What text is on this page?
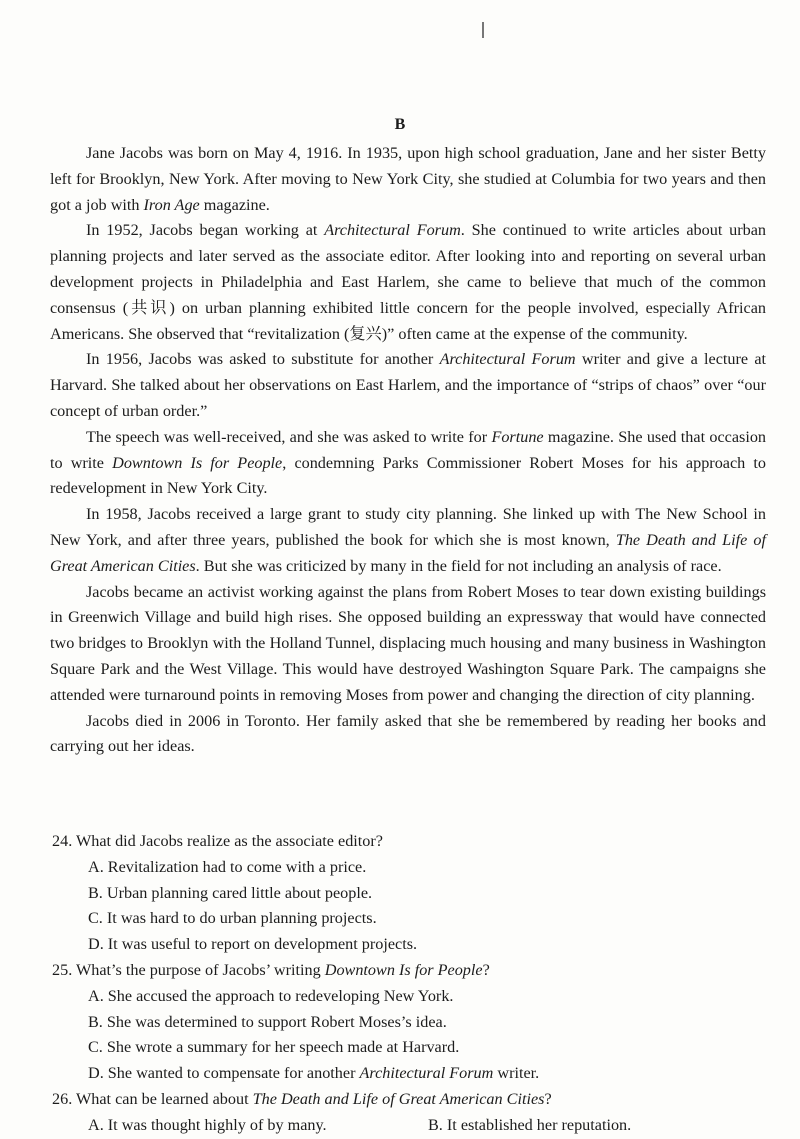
B

Jane Jacobs was born on May 4, 1916. In 1935, upon high school graduation, Jane and her sister Betty left for Brooklyn, New York. After moving to New York City, she studied at Columbia for two years and then got a job with Iron Age magazine.

In 1952, Jacobs began working at Architectural Forum. She continued to write articles about urban planning projects and later served as the associate editor. After looking into and reporting on several urban development projects in Philadelphia and East Harlem, she came to believe that much of the common consensus (共识) on urban planning exhibited little concern for the people involved, especially African Americans. She observed that “revitalization (复兴)” often came at the expense of the community.

In 1956, Jacobs was asked to substitute for another Architectural Forum writer and give a lecture at Harvard. She talked about her observations on East Harlem, and the importance of “strips of chaos” over “our concept of urban order.”

The speech was well-received, and she was asked to write for Fortune magazine. She used that occasion to write Downtown Is for People, condemning Parks Commissioner Robert Moses for his approach to redevelopment in New York City.

In 1958, Jacobs received a large grant to study city planning. She linked up with The New School in New York, and after three years, published the book for which she is most known, The Death and Life of Great American Cities. But she was criticized by many in the field for not including an analysis of race.

Jacobs became an activist working against the plans from Robert Moses to tear down existing buildings in Greenwich Village and build high rises. She opposed building an expressway that would have connected two bridges to Brooklyn with the Holland Tunnel, displacing much housing and many business in Washington Square Park and the West Village. This would have destroyed Washington Square Park. The campaigns she attended were turnaround points in removing Moses from power and changing the direction of city planning.

Jacobs died in 2006 in Toronto. Her family asked that she be remembered by reading her books and carrying out her ideas.

24. What did Jacobs realize as the associate editor?

A. Revitalization had to come with a price.

B. Urban planning cared little about people.

C. It was hard to do urban planning projects.

D. It was useful to report on development projects.

25. What’s the purpose of Jacobs’ writing Downtown Is for People?

A. She accused the approach to redeveloping New York.

B. She was determined to support Robert Moses’s idea.

C. She wrote a summary for her speech made at Harvard.

D. She wanted to compensate for another Architectural Forum writer.

26. What can be learned about The Death and Life of Great American Cities?

A. It was thought highly of by many.	B. It established her reputation.
